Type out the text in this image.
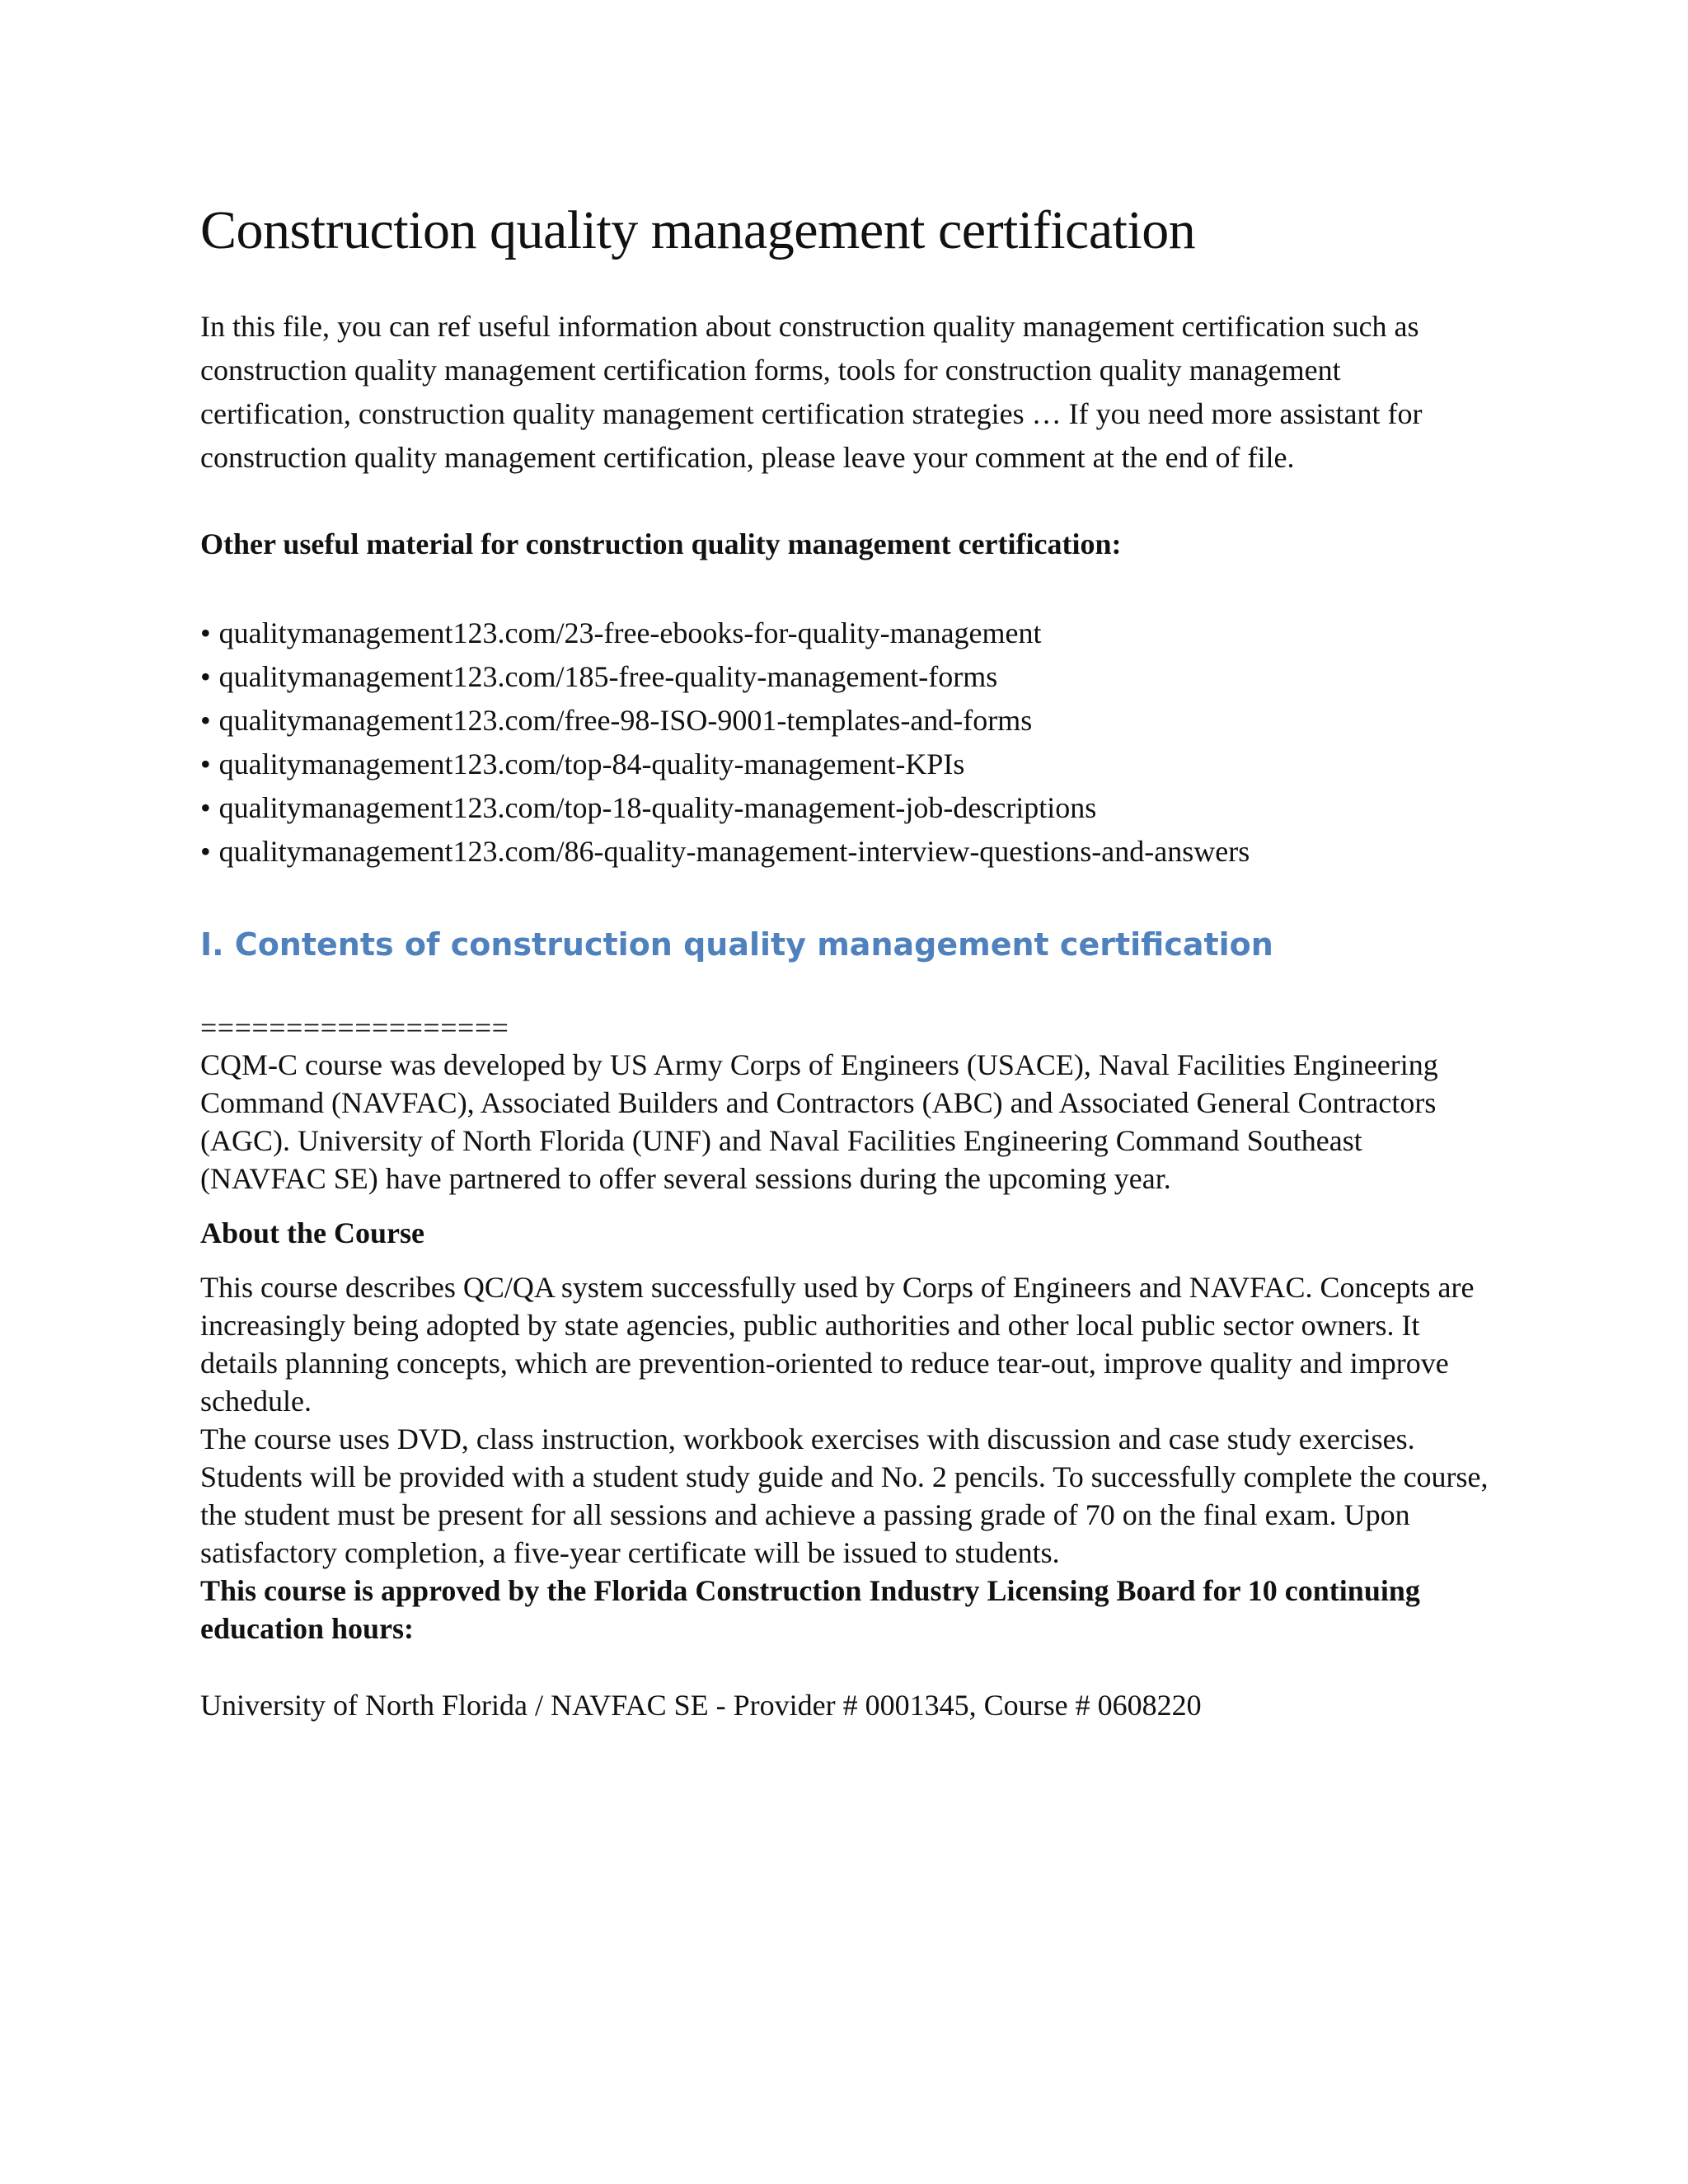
Construction quality management certification
In this file, you can ref useful information about construction quality management certification such as construction quality management certification forms, tools for construction quality management certification, construction quality management certification strategies … If you need more assistant for construction quality management certification, please leave your comment at the end of file.
Other useful material for construction quality management certification:
• qualitymanagement123.com/23-free-ebooks-for-quality-management
• qualitymanagement123.com/185-free-quality-management-forms
• qualitymanagement123.com/free-98-ISO-9001-templates-and-forms
• qualitymanagement123.com/top-84-quality-management-KPIs
• qualitymanagement123.com/top-18-quality-management-job-descriptions
• qualitymanagement123.com/86-quality-management-interview-questions-and-answers
I. Contents of construction quality management certification
==================
CQM-C course was developed by US Army Corps of Engineers (USACE), Naval Facilities Engineering Command (NAVFAC), Associated Builders and Contractors (ABC) and Associated General Contractors (AGC). University of North Florida (UNF) and Naval Facilities Engineering Command Southeast (NAVFAC SE) have partnered to offer several sessions during the upcoming year.
About the Course
This course describes QC/QA system successfully used by Corps of Engineers and NAVFAC. Concepts are increasingly being adopted by state agencies, public authorities and other local public sector owners. It details planning concepts, which are prevention-oriented to reduce tear-out, improve quality and improve schedule.
The course uses DVD, class instruction, workbook exercises with discussion and case study exercises. Students will be provided with a student study guide and No. 2 pencils. To successfully complete the course, the student must be present for all sessions and achieve a passing grade of 70 on the final exam. Upon satisfactory completion, a five-year certificate will be issued to students.
This course is approved by the Florida Construction Industry Licensing Board for 10 continuing education hours:
University of North Florida / NAVFAC SE - Provider # 0001345, Course # 0608220
